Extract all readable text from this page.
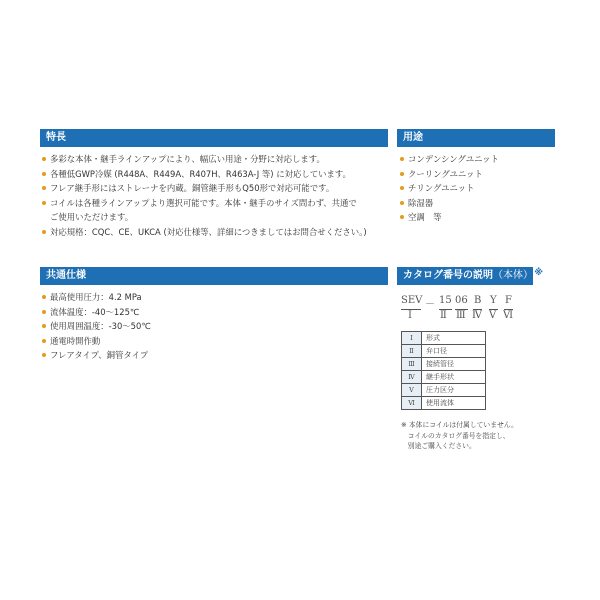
特長
多彩な本体・継手ラインアップにより、幅広い用途・分野に対応します。
各種低GWP冷媒 (R448A、R449A、R407H、R463A-J 等) に対応しています。
フレア継手形にはストレーナを内蔵。銅管継手形もQ50形で対応可能です。
コイルは各種ラインアップより選択可能です。本体・継手のサイズ問わず、共通で
ご使用いただけます。
対応規格：CQC、CE、UKCA (対応仕様等、詳細につきましてはお問合せください。)
用途
コンデンシングユニット
クーリングユニット
チリングユニット
除湿器
空調　等
共通仕様
最高使用圧力：4.2 MPa
流体温度：-40～125℃
使用周囲温度：-30～50℃
通電時開作動
フレアタイプ、銅管タイプ
カタログ番号の説明（本体） ※
SEV － 15 06 B Y F
Ⅰ	Ⅱ Ⅲ Ⅳ Ⅴ Ⅵ
Ⅰ	形式
Ⅱ	弁口径
Ⅲ	接続管径
Ⅳ	継手形状
Ⅴ	圧力区分
Ⅵ	使用流体
※ 本体にコイルは付属していません。
　コイルのカタログ番号を指定し、
　別途ご購入ください。
